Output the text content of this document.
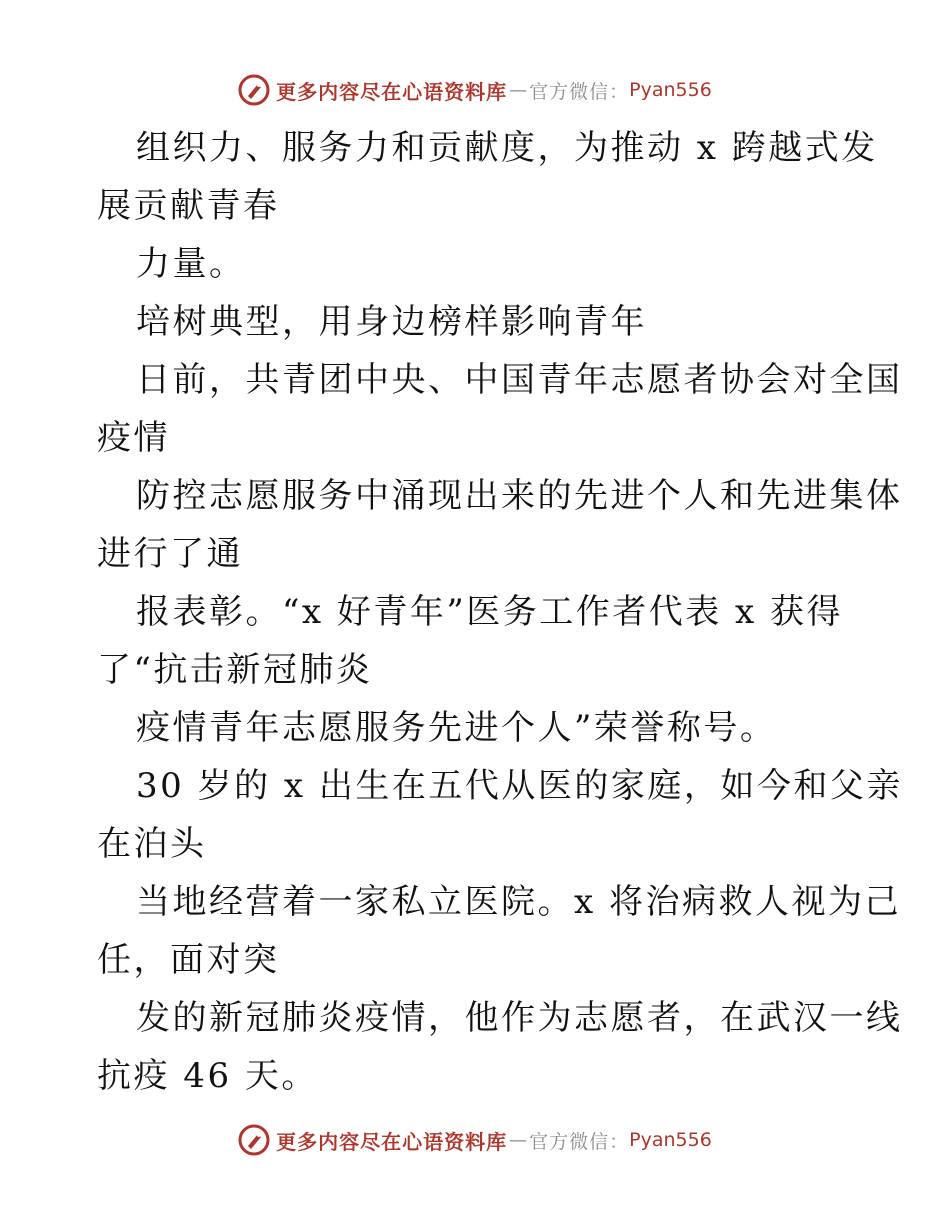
更多内容尽在心语资料库 — 官方微信： Pyan556
组织力、服务力和贡献度，为推动 x 跨越式发
展贡献青春
力量。
培树典型，用身边榜样影响青年
日前，共青团中央、中国青年志愿者协会对全国
疫情
防控志愿服务中涌现出来的先进个人和先进集体
进行了通
报表彰。“x 好青年”医务工作者代表 x 获得
了“抗击新冠肺炎
疫情青年志愿服务先进个人”荣誉称号。
30 岁的 x 出生在五代从医的家庭，如今和父亲
在泊头
当地经营着一家私立医院。x 将治病救人视为己
任，面对突
发的新冠肺炎疫情，他作为志愿者，在武汉一线
抗疫 46 天。
更多内容尽在心语资料库 — 官方微信： Pyan556
